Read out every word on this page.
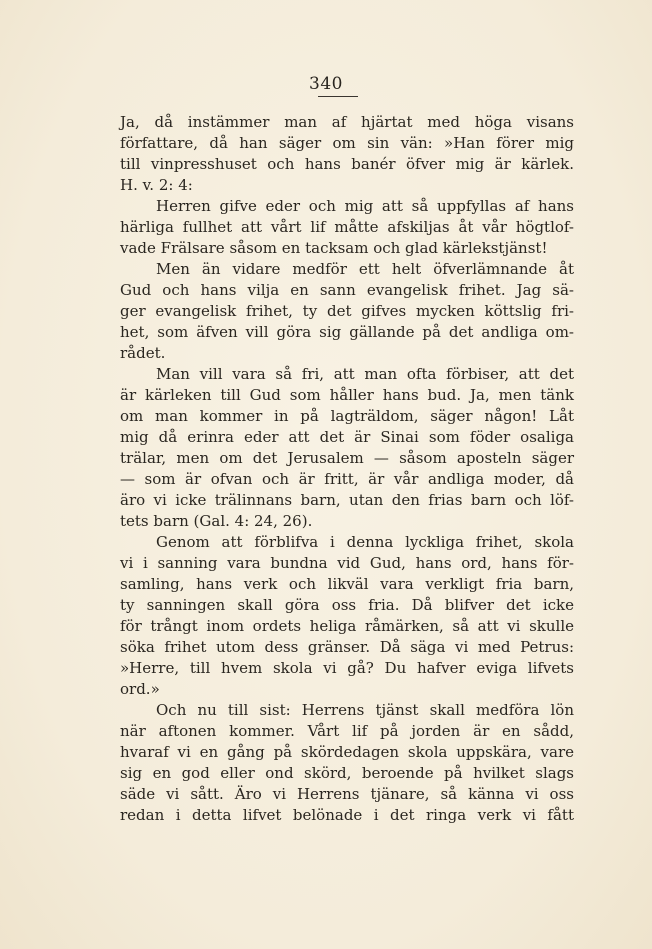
340
Ja, då instämmer man af hjärtat med höga visans
författare, då han säger om sin vän: »Han förer mig
till vinpresshuset och hans banér öfver mig är kärlek.
H. v. 2: 4:
Herren gifve eder och mig att så uppfyllas af hans
härliga fullhet att vårt lif måtte afskiljas åt vår högtlof-
vade Frälsare såsom en tacksam och glad kärlekstjänst!
Men än vidare medför ett helt öfverlämnande åt
Gud och hans vilja en sann evangelisk frihet. Jag sä-
ger evangelisk frihet, ty det gifves mycken köttslig fri-
het, som äfven vill göra sig gällande på det andliga om-
rådet.
Man vill vara så fri, att man ofta förbiser, att det
är kärleken till Gud som håller hans bud. Ja, men tänk
om man kommer in på lagträldom, säger någon! Låt
mig då erinra eder att det är Sinai som föder osaliga
trälar, men om det Jerusalem — såsom aposteln säger
— som är ofvan och är fritt, är vår andliga moder, då
äro vi icke trälinnans barn, utan den frias barn och löf-
tets barn (Gal. 4: 24, 26).
Genom att förblifva i denna lyckliga frihet, skola
vi i sanning vara bundna vid Gud, hans ord, hans för-
samling, hans verk och likväl vara verkligt fria barn,
ty sanningen skall göra oss fria. Då blifver det icke
för trångt inom ordets heliga råmärken, så att vi skulle
söka frihet utom dess gränser. Då säga vi med Petrus:
»Herre, till hvem skola vi gå? Du hafver eviga lifvets
ord.»
Och nu till sist: Herrens tjänst skall medföra lön
när aftonen kommer. Vårt lif på jorden är en sådd,
hvaraf vi en gång på skördedagen skola uppskära, vare
sig en god eller ond skörd, beroende på hvilket slags
säde vi sått. Äro vi Herrens tjänare, så känna vi oss
redan i detta lifvet belönade i det ringa verk vi fått
